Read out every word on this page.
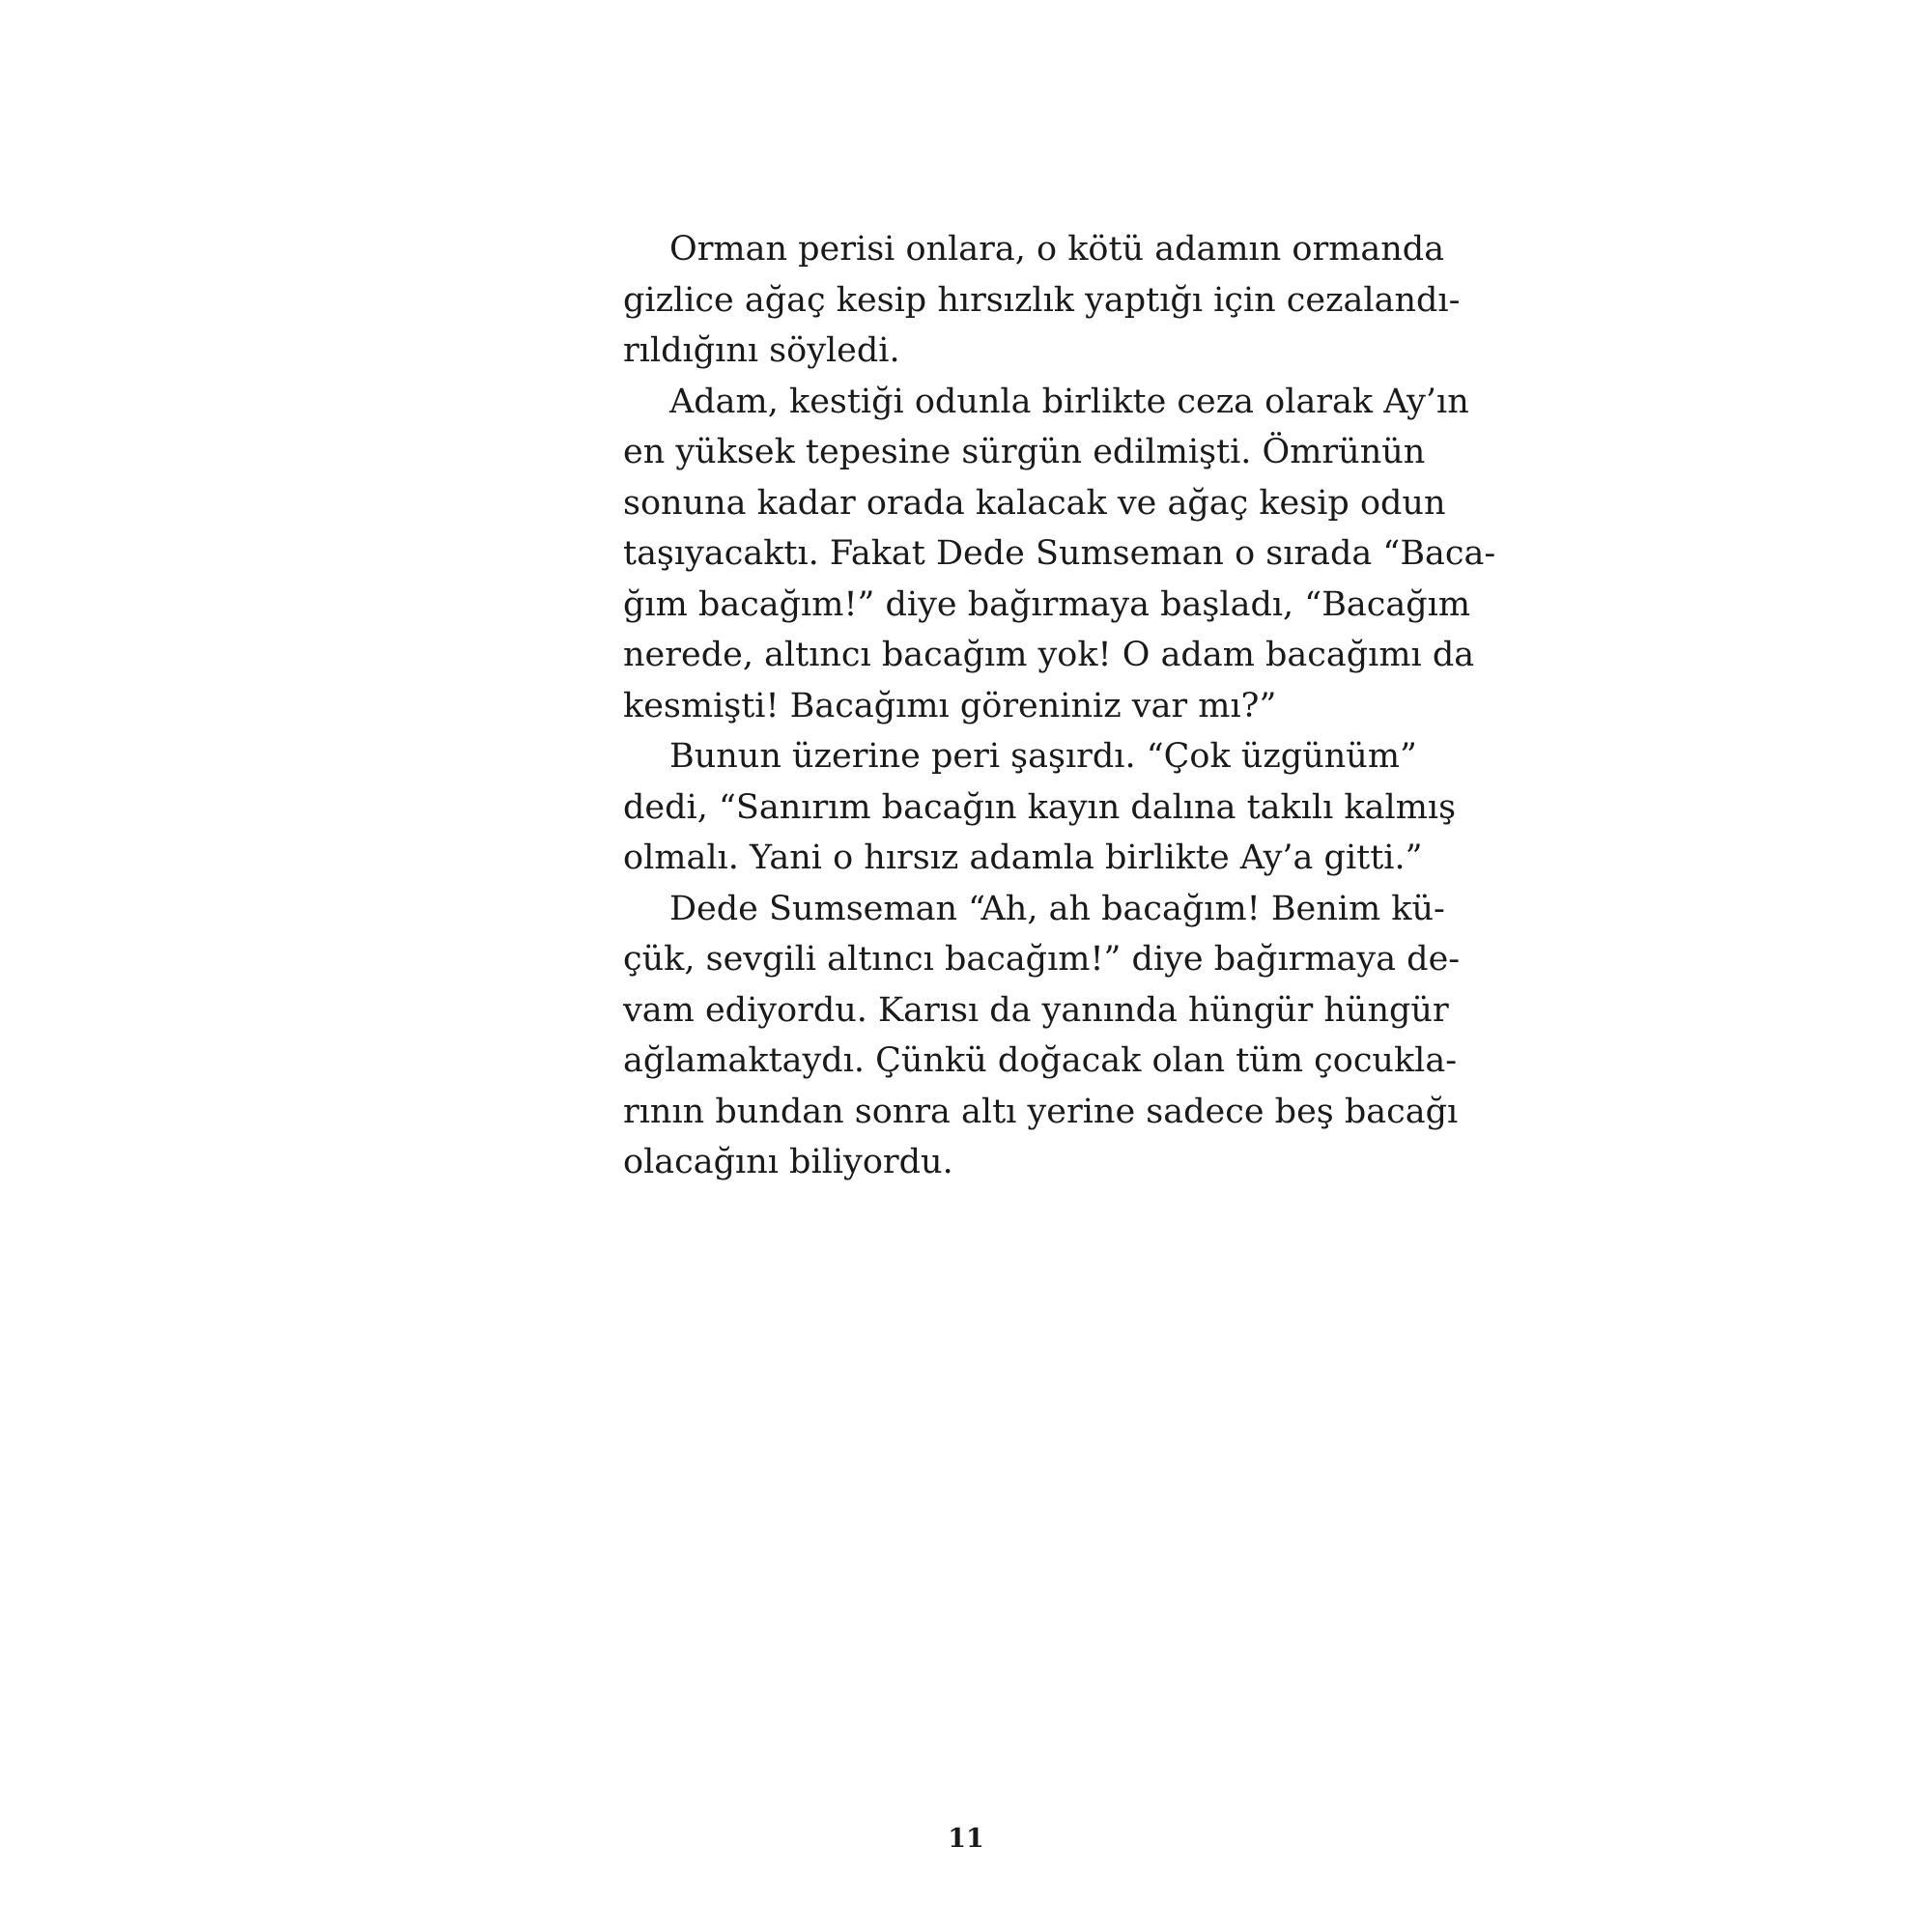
Orman perisi onlara, o kötü adamın ormanda
gizlice ağaç kesip hırsızlık yaptığı için cezalandı-
rıldığını söyledi.
Adam, kestiği odunla birlikte ceza olarak Ay’ın
en yüksek tepesine sürgün edilmişti. Ömrünün
sonuna kadar orada kalacak ve ağaç kesip odun
taşıyacaktı. Fakat Dede Sumseman o sırada “Baca-
ğım bacağım!” diye bağırmaya başladı, “Bacağım
nerede, altıncı bacağım yok! O adam bacağımı da
kesmişti! Bacağımı göreniniz var mı?”
Bunun üzerine peri şaşırdı. “Çok üzgünüm”
dedi, “Sanırım bacağın kayın dalına takılı kalmış
olmalı. Yani o hırsız adamla birlikte Ay’a gitti.”
Dede Sumseman “Ah, ah bacağım! Benim kü-
çük, sevgili altıncı bacağım!” diye bağırmaya de-
vam ediyordu. Karısı da yanında hüngür hüngür
ağlamaktaydı. Çünkü doğacak olan tüm çocukla-
rının bundan sonra altı yerine sadece beş bacağı
olacağını biliyordu.
11
